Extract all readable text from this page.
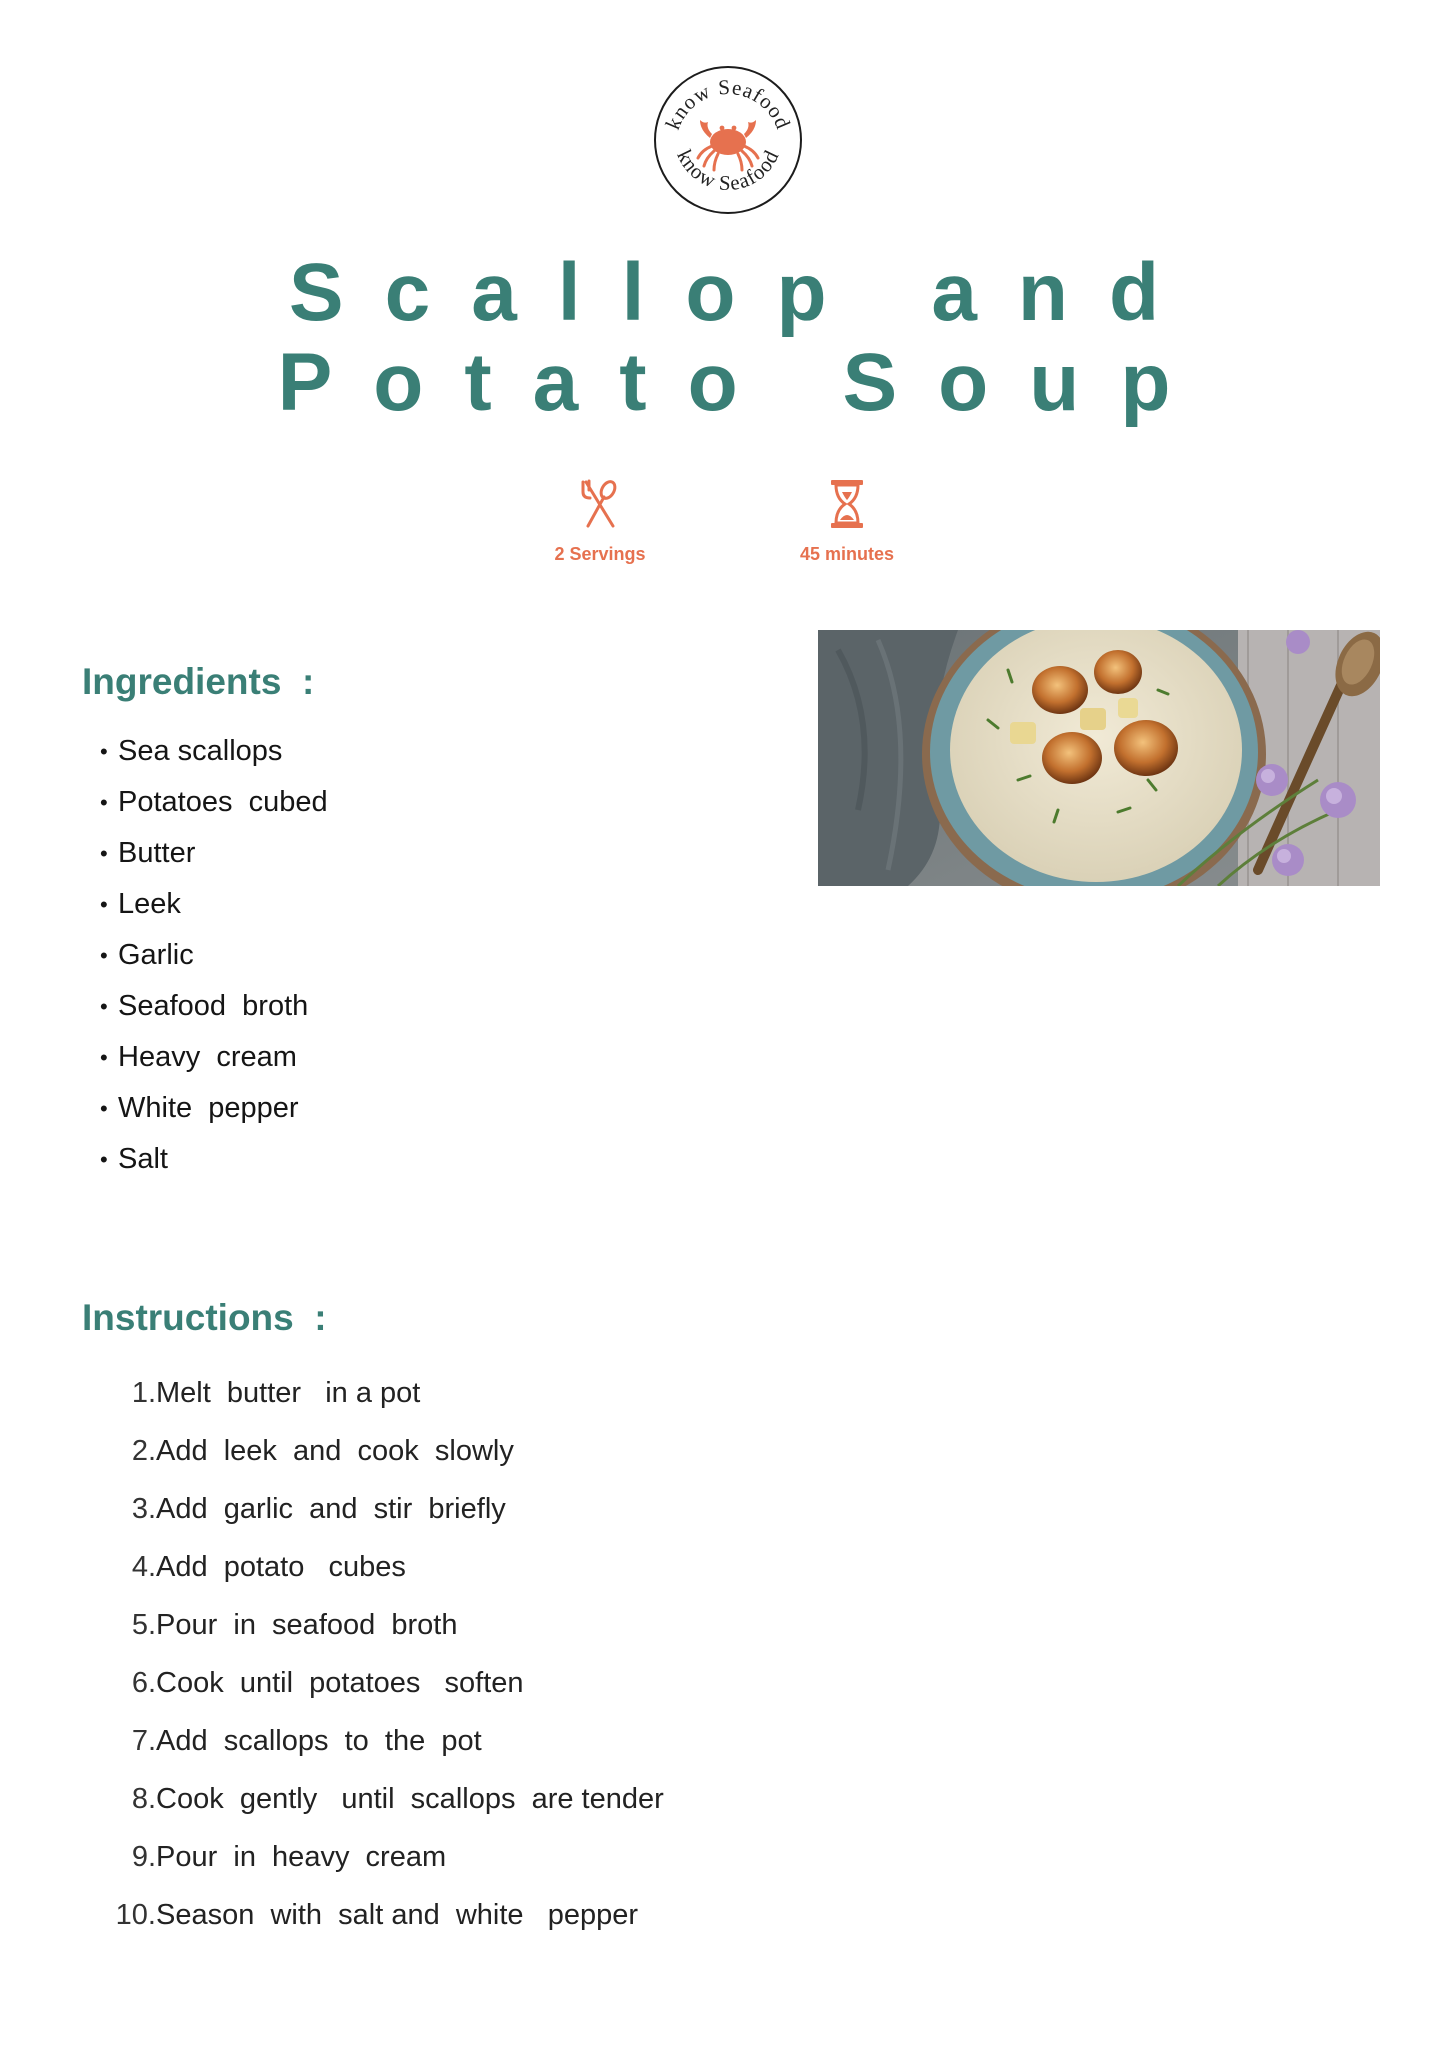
know Seafood
know Seafood
Scallop and
Potato Soup
2 Servings	45 minutes
Ingredients  :
• Sea scallops
• Potatoes  cubed
• Butter
• Leek
• Garlic
• Seafood  broth
• Heavy  cream
• White  pepper
• Salt
Instructions  :
1. Melt  butter   in a pot
2. Add  leek  and  cook  slowly
3. Add  garlic  and  stir  briefly
4. Add  potato   cubes
5. Pour  in  seafood  broth
6. Cook  until  potatoes   soften
7. Add  scallops  to  the  pot
8. Cook  gently   until  scallops  are tender
9. Pour  in  heavy  cream
10. Season  with  salt and  white   pepper
